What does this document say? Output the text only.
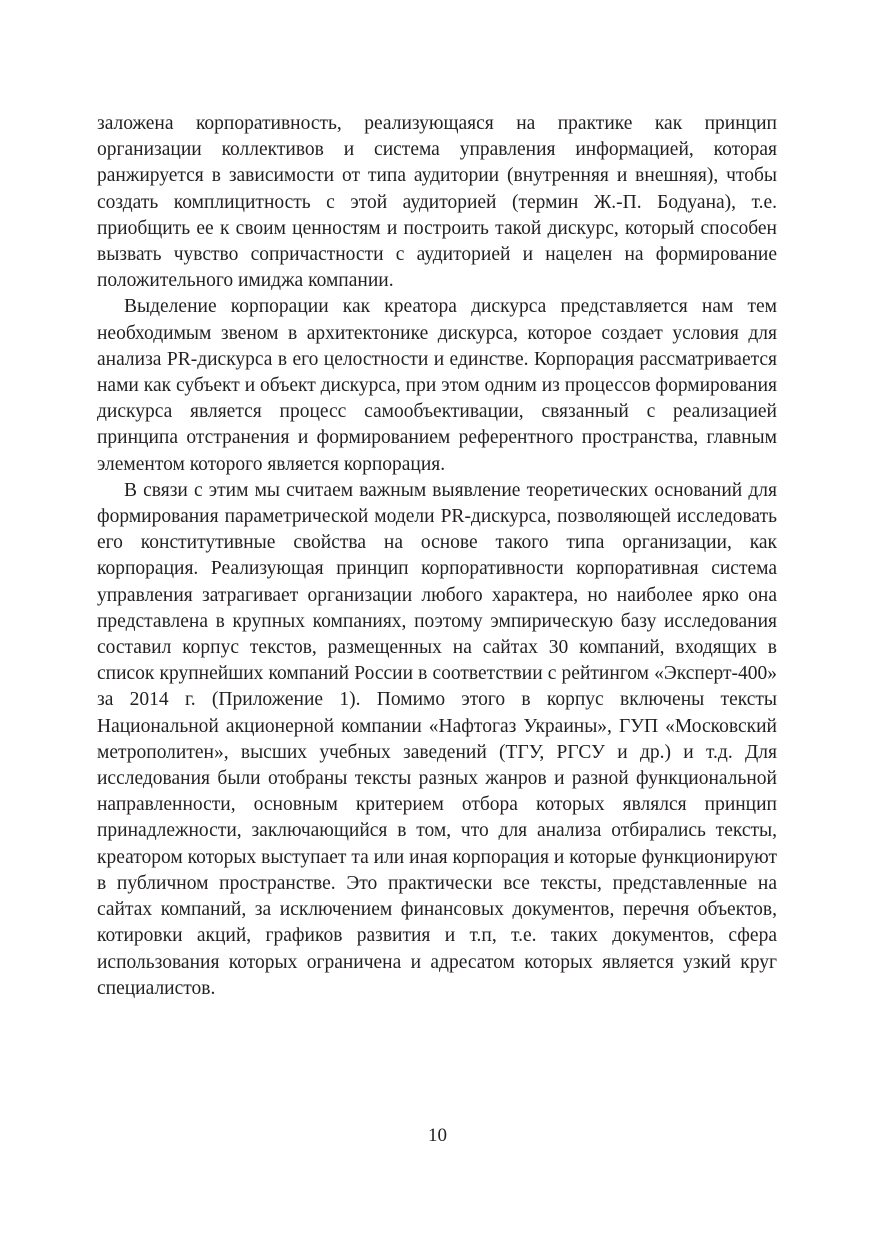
заложена корпоративность, реализующаяся на практике как принцип организации коллективов и система управления информацией, которая ранжируется в зависимости от типа аудитории (внутренняя и внешняя), чтобы создать комплицитность с этой аудиторией (термин Ж.-П. Бодуана), т.е. приобщить ее к своим ценностям и построить такой дискурс, который способен вызвать чувство сопричастности с аудиторией и нацелен на формирование положительного имиджа компании.

Выделение корпорации как креатора дискурса представляется нам тем необходимым звеном в архитектонике дискурса, которое создает условия для анализа PR-дискурса в его целостности и единстве. Корпорация рассматривается нами как субъект и объект дискурса, при этом одним из процессов формирования дискурса является процесс самообъективации, связанный с реализацией принципа отстранения и формированием референтного пространства, главным элементом которого является корпорация.

В связи с этим мы считаем важным выявление теоретических оснований для формирования параметрической модели PR-дискурса, позволяющей исследовать его конститутивные свойства на основе такого типа организации, как корпорация. Реализующая принцип корпоративности корпоративная система управления затрагивает организации любого характера, но наиболее ярко она представлена в крупных компаниях, поэтому эмпирическую базу исследования составил корпус текстов, размещенных на сайтах 30 компаний, входящих в список крупнейших компаний России в соответствии с рейтингом «Эксперт-400» за 2014 г. (Приложение 1). Помимо этого в корпус включены тексты Национальной акционерной компании «Нафтогаз Украины», ГУП «Московский метрополитен», высших учебных заведений (ТГУ, РГСУ и др.) и т.д. Для исследования были отобраны тексты разных жанров и разной функциональной направленности, основным критерием отбора которых являлся принцип принадлежности, заключающийся в том, что для анализа отбирались тексты, креатором которых выступает та или иная корпорация и которые функционируют в публичном пространстве. Это практически все тексты, представленные на сайтах компаний, за исключением финансовых документов, перечня объектов, котировки акций, графиков развития и т.п, т.е. таких документов, сфера использования которых ограничена и адресатом которых является узкий круг специалистов.

10
